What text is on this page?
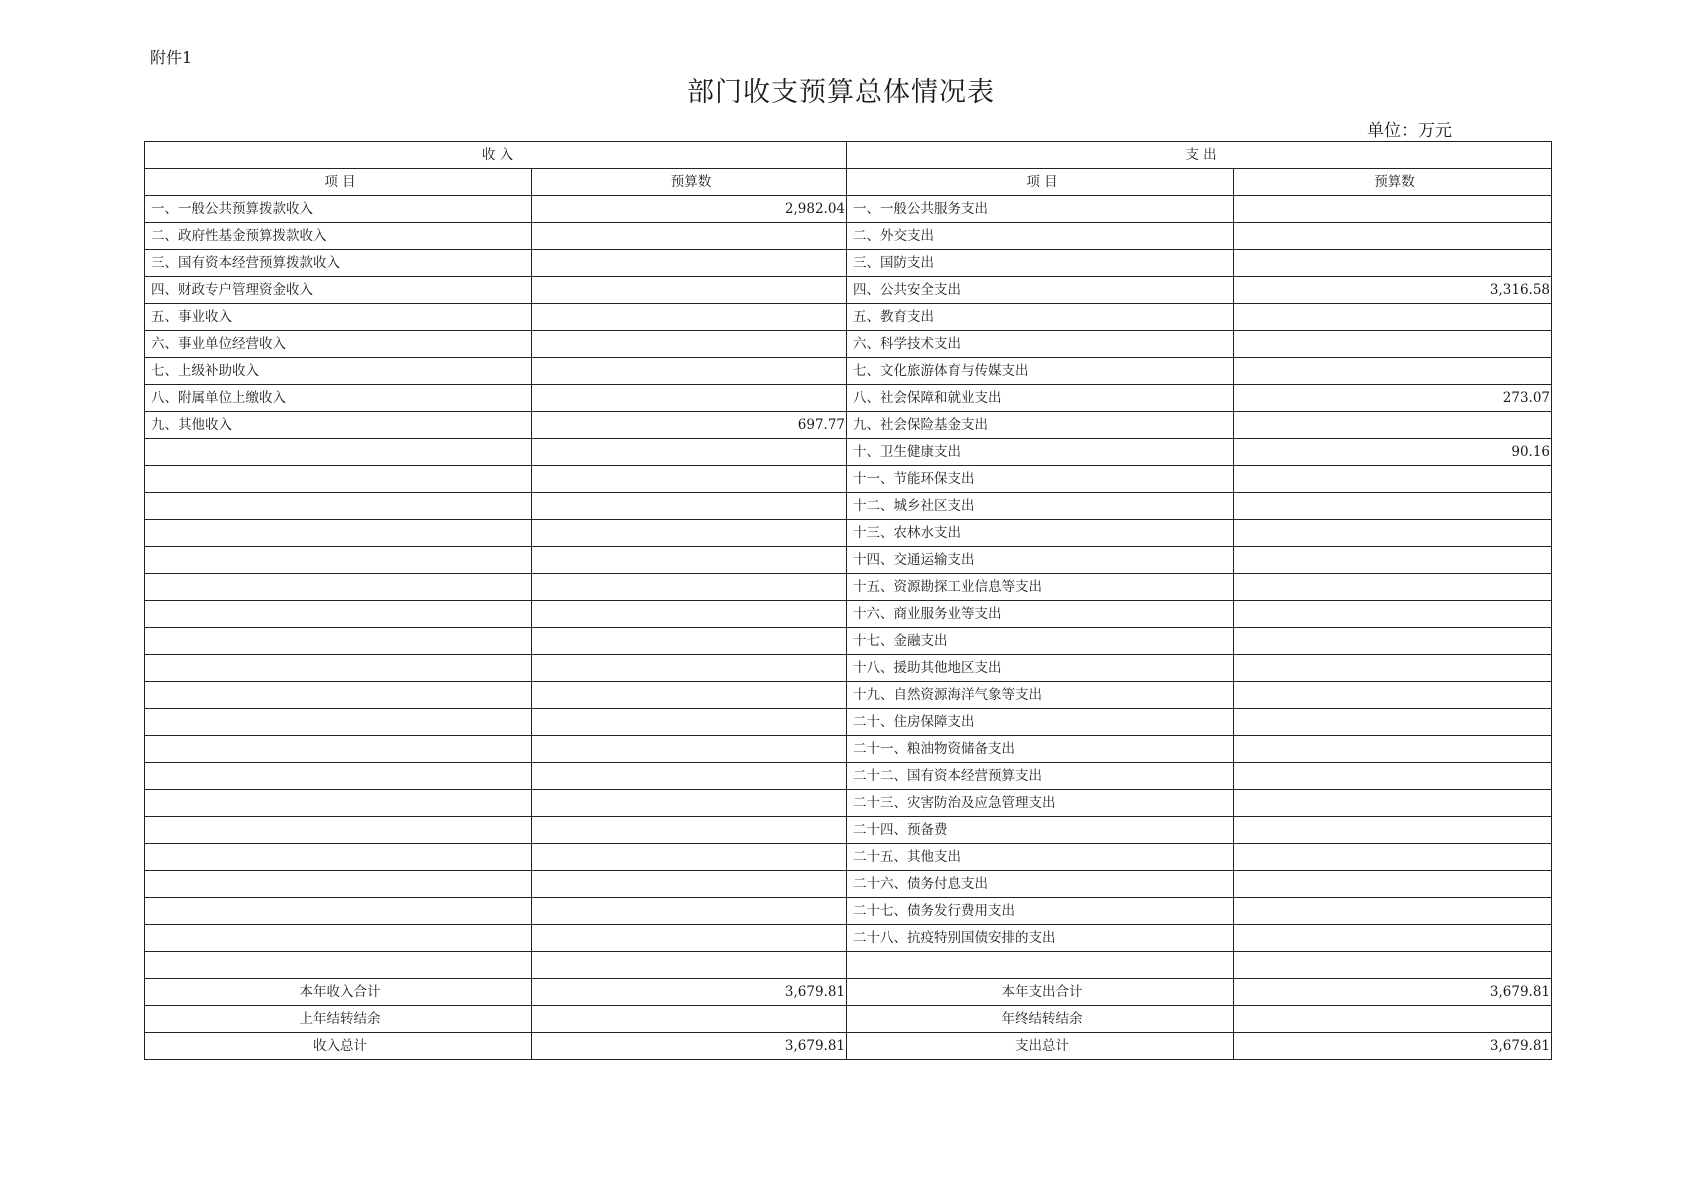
附件1
部门收支预算总体情况表
单位：万元
收 入		支 出	
项 目	预算数	项 目	预算数
一、一般公共预算拨款收入	2,982.04	一、一般公共服务支出	
二、政府性基金预算拨款收入		二、外交支出	
三、国有资本经营预算拨款收入		三、国防支出	
四、财政专户管理资金收入		四、公共安全支出	3,316.58
五、事业收入		五、教育支出	
六、事业单位经营收入		六、科学技术支出	
七、上级补助收入		七、文化旅游体育与传媒支出	
八、附属单位上缴收入		八、社会保障和就业支出	273.07
九、其他收入	697.77	九、社会保险基金支出	
		十、卫生健康支出	90.16
		十一、节能环保支出	
		十二、城乡社区支出	
		十三、农林水支出	
		十四、交通运输支出	
		十五、资源勘探工业信息等支出	
		十六、商业服务业等支出	
		十七、金融支出	
		十八、援助其他地区支出	
		十九、自然资源海洋气象等支出	
		二十、住房保障支出	
		二十一、粮油物资储备支出	
		二十二、国有资本经营预算支出	
		二十三、灾害防治及应急管理支出	
		二十四、预备费	
		二十五、其他支出	
		二十六、债务付息支出	
		二十七、债务发行费用支出	
		二十八、抗疫特别国债安排的支出	

本年收入合计	3,679.81	本年支出合计	3,679.81
上年结转结余		年终结转结余	
收入总计	3,679.81	支出总计	3,679.81
